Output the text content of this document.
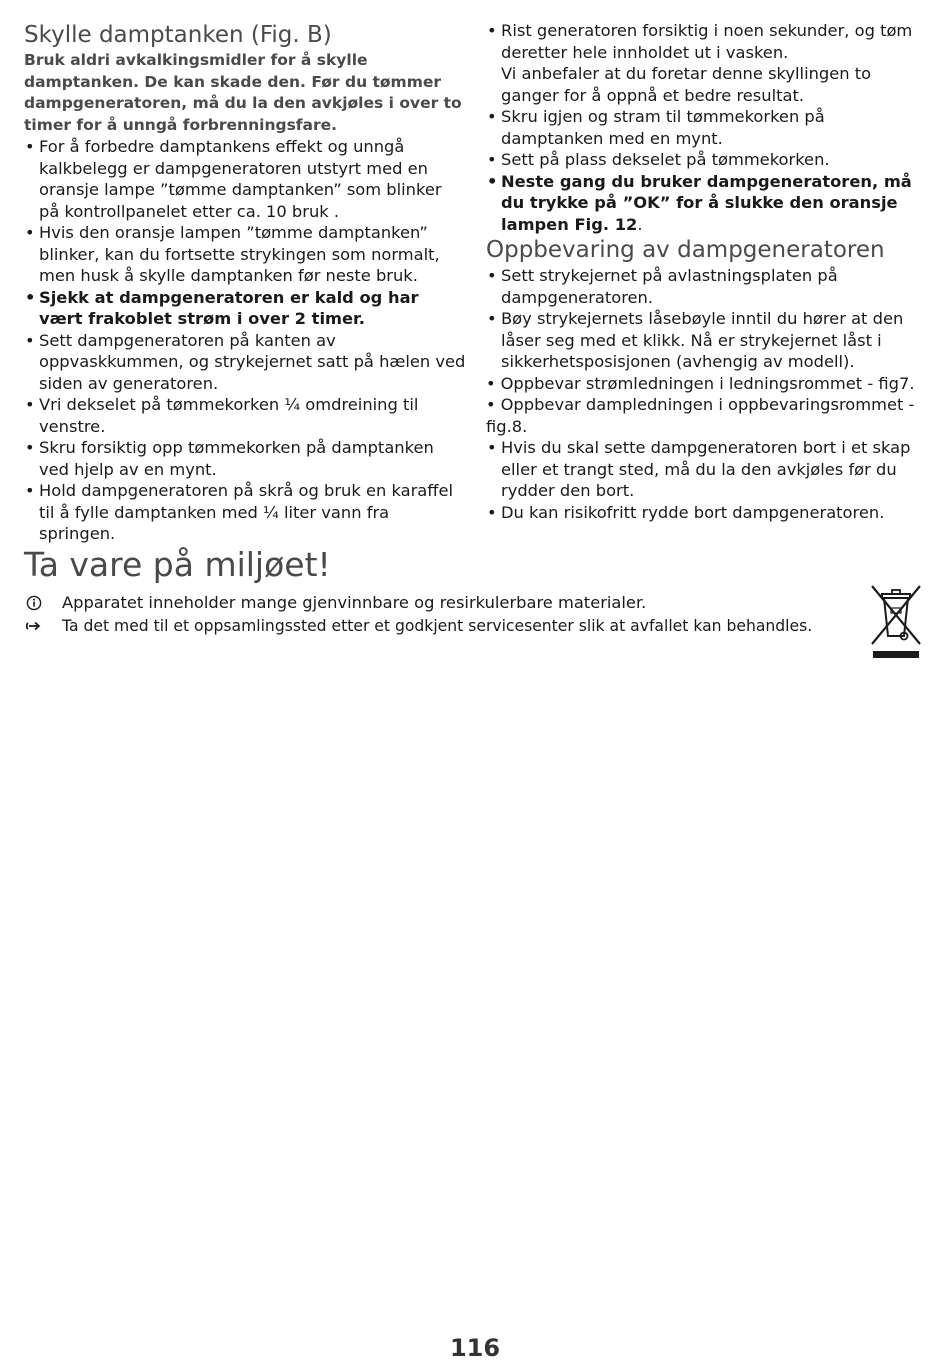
Skylle damptanken (Fig. B)

Bruk aldri avkalkingsmidler for å skylle damptanken. De kan skade den. Før du tømmer dampgeneratoren, må du la den avkjøles i over to timer for å unngå forbrenningsfare.

• For å forbedre damptankens effekt og unngå kalkbelegg er dampgeneratoren utstyrt med en oransje lampe ”tømme damptanken” som blinker på kontrollpanelet etter ca. 10 bruk .
• Hvis den oransje lampen ”tømme damptanken” blinker, kan du fortsette strykingen som normalt, men husk å skylle damptanken før neste bruk.
• Sjekk at dampgeneratoren er kald og har vært frakoblet strøm i over 2 timer.
• Sett dampgeneratoren på kanten av oppvaskkummen, og strykejernet satt på hælen ved siden av generatoren.
• Vri dekselet på tømmekorken ¼ omdreining til venstre.
• Skru forsiktig opp tømmekorken på damptanken ved hjelp av en mynt.
• Hold dampgeneratoren på skrå og bruk en karaffel til å fylle damptanken med ¼ liter vann fra springen.
• Rist generatoren forsiktig i noen sekunder, og tøm deretter hele innholdet ut i vasken.
Vi anbefaler at du foretar denne skyllingen to ganger for å oppnå et bedre resultat.
• Skru igjen og stram til tømmekorken på damptanken med en mynt.
• Sett på plass dekselet på tømmekorken.
• Neste gang du bruker dampgeneratoren, må du trykke på ”OK” for å slukke den oransje lampen Fig. 12.
Oppbevaring av dampgeneratoren
• Sett strykejernet på avlastningsplaten på dampgeneratoren.
• Bøy strykejernets låsebøyle inntil du hører at den låser seg med et klikk. Nå er strykejernet låst i sikkerhetsposisjonen (avhengig av modell).
• Oppbevar strømledningen i ledningsrommet - fig7.
• Oppbevar dampledningen i oppbevaringsrommet - fig.8.
• Hvis du skal sette dampgeneratoren bort i et skap eller et trangt sted, må du la den avkjøles før du rydder den bort.
• Du kan risikofritt rydde bort dampgeneratoren.
Ta vare på miljøet!
Apparatet inneholder mange gjenvinnbare og resirkulerbare materialer.
Ta det med til et oppsamlingssted etter et godkjent servicesenter slik at avfallet kan behandles.
116
